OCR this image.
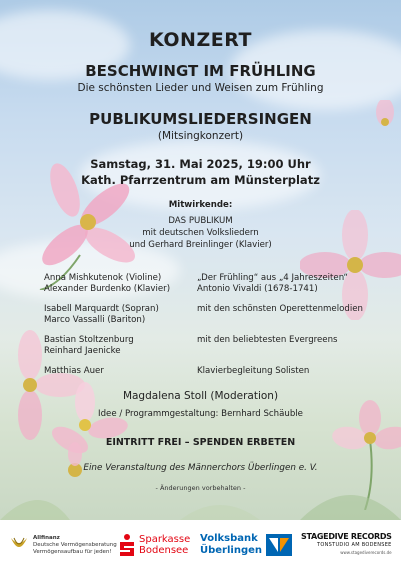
KONZERT
BESCHWINGT IM FRÜHLING
Die schönsten Lieder und Weisen zum Frühling
PUBLIKUMSLIEDERSINGEN
(Mitsingkonzert)
Samstag, 31. Mai 2025, 19:00 Uhr
Kath. Pfarrzentrum am Münsterplatz
Mitwirkende:
DAS PUBLIKUM
mit deutschen Volksliedern
und Gerhard Breinlinger (Klavier)
Anna Mishkutenok (Violine)
Alexander Burdenko (Klavier)
„Der Frühling“ aus „4 Jahreszeiten“
Antonio Vivaldi (1678-1741)
Isabell Marquardt (Sopran)
Marco Vassalli (Bariton)
mit den schönsten Operettenmelodien
Bastian Stoltzenburg
Reinhard Jaenicke
mit den beliebtesten Evergreens
Matthias Auer	Klavierbegleitung Solisten
Magdalena Stoll (Moderation)
Idee / Programmgestaltung: Bernhard Schäuble
EINTRITT FREI – SPENDEN ERBETEN
Eine Veranstaltung des Männerchors Überlingen e. V.
- Änderungen vorbehalten -
Allfinanz
Deutsche Vermögensberatung
Vermögensaufbau für jeden!
Sparkasse
Bodensee
Volksbank
Überlingen
STAGEDIVE RECORDS
TONSTUDIO AM BODENSEE
www.stagediverecords.de
